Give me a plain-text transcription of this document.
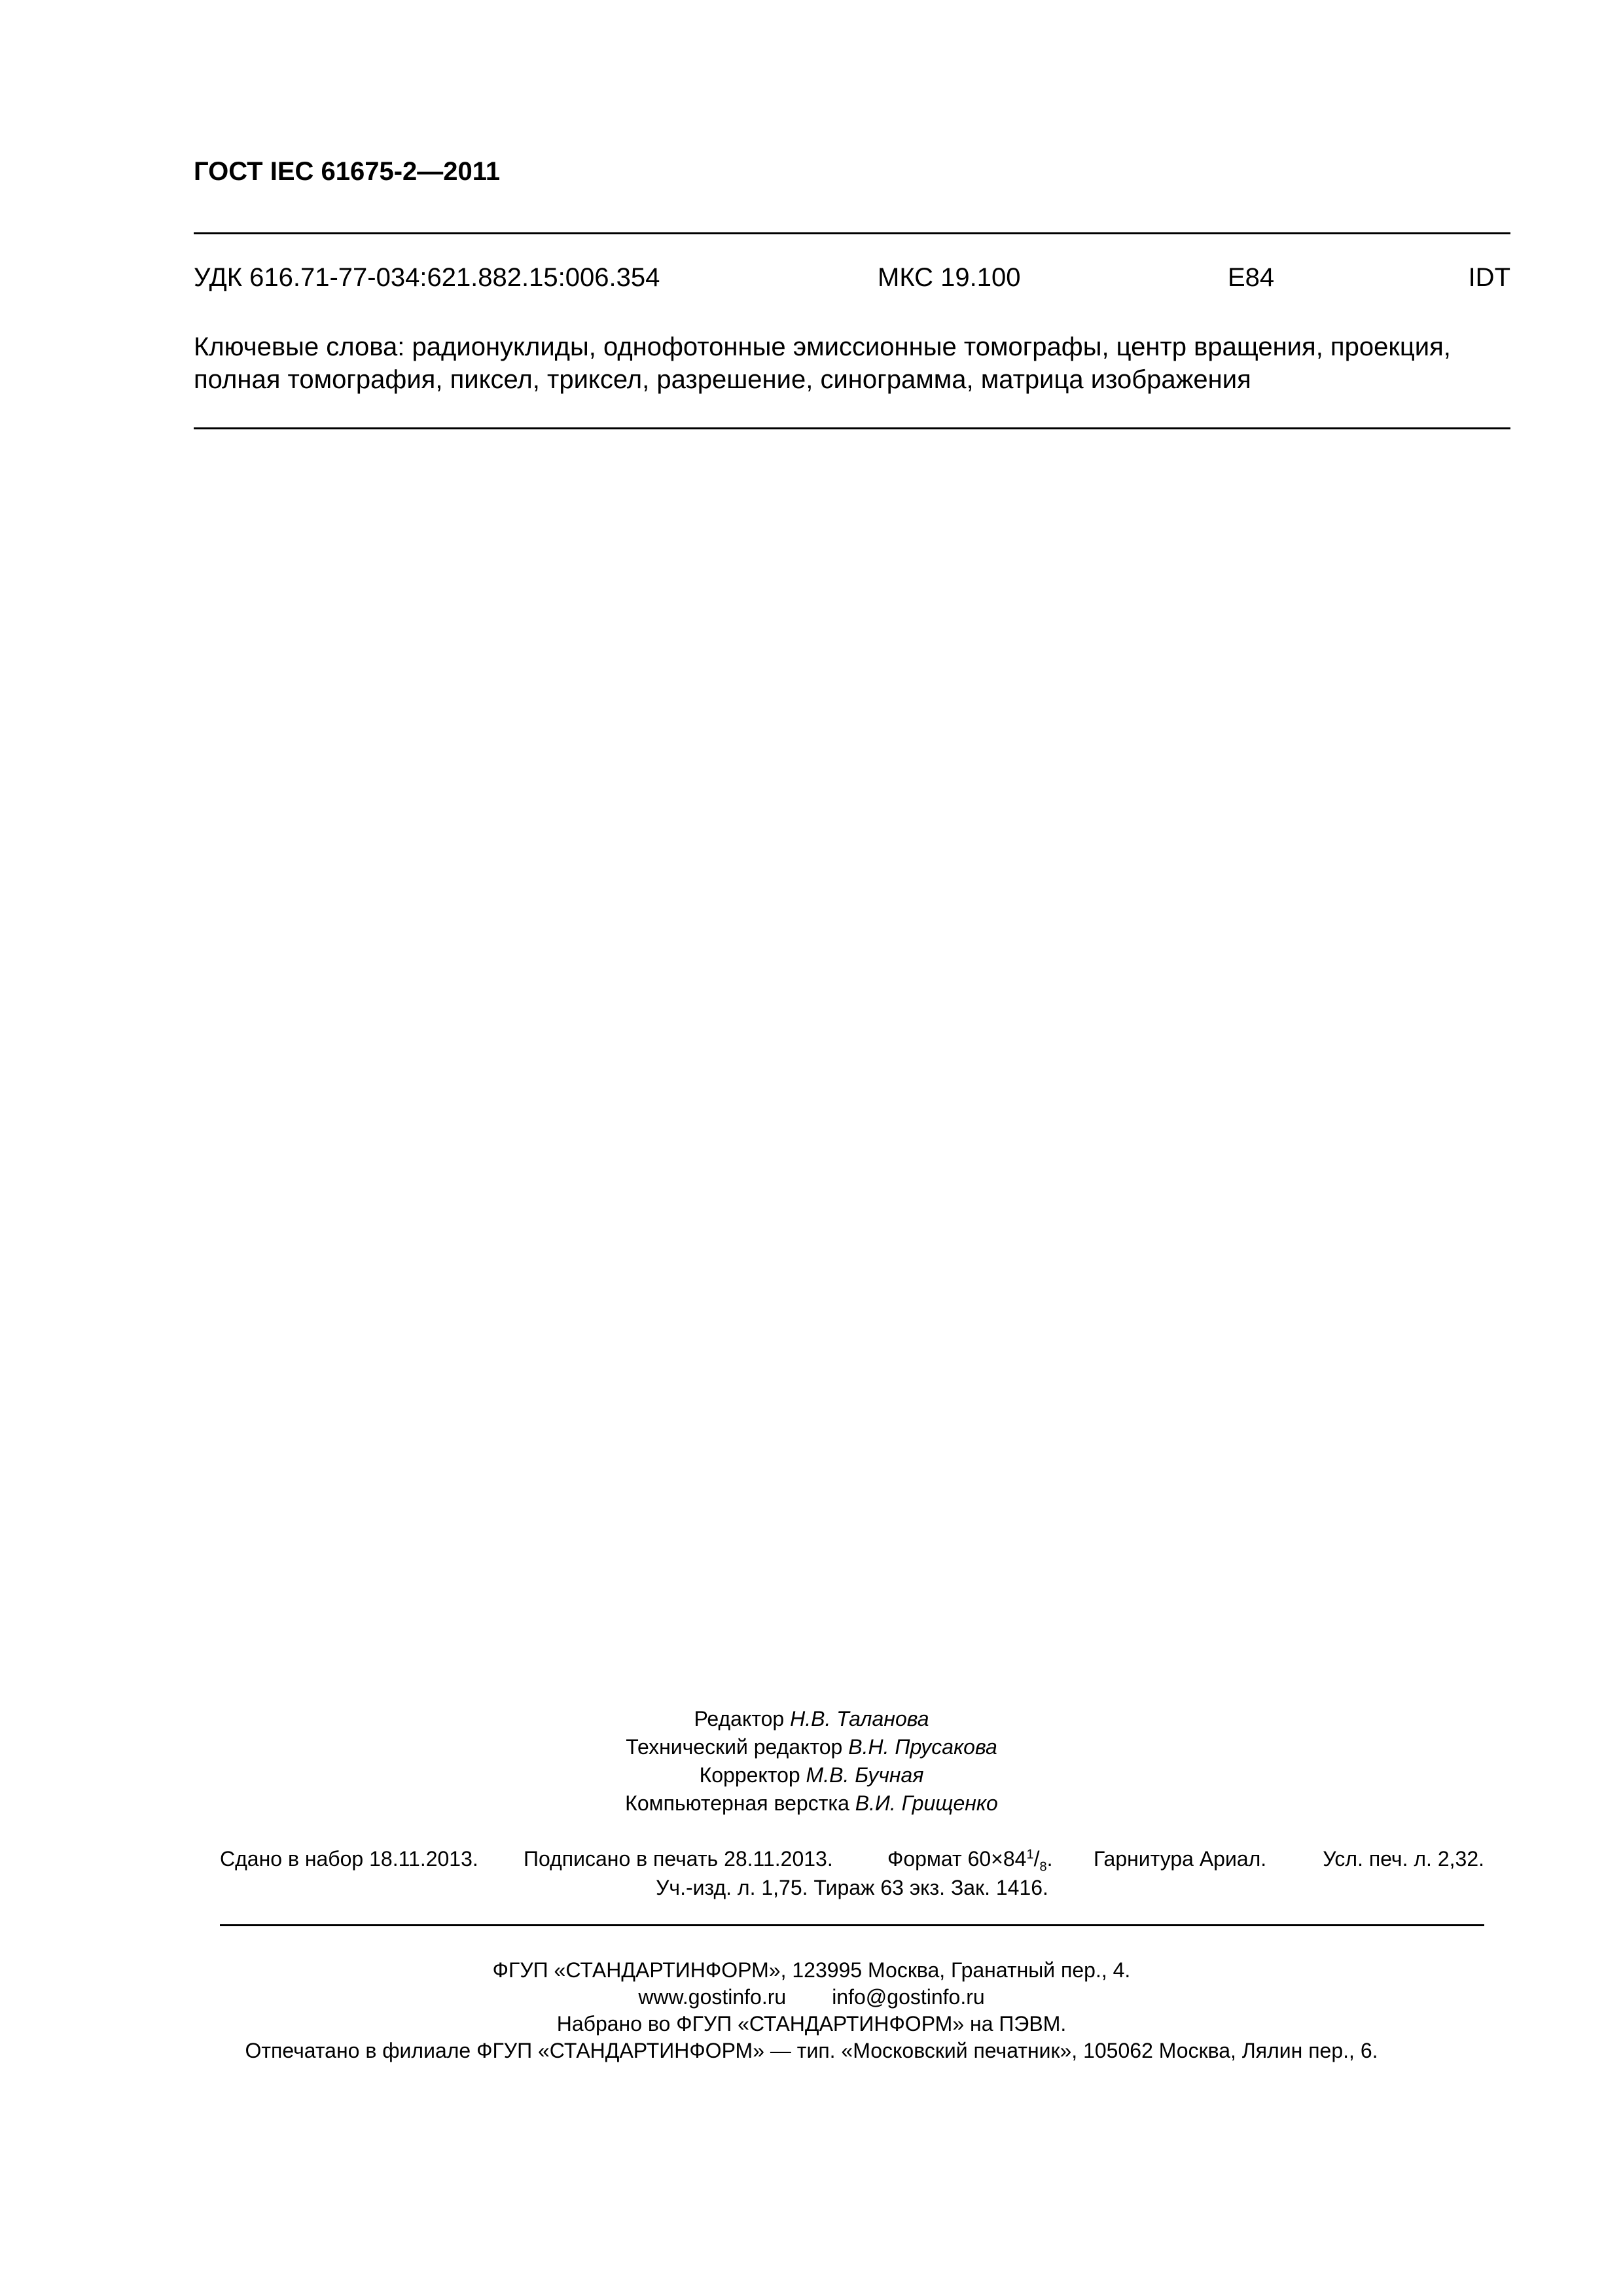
ГОСТ IEC 61675-2—2011
УДК 616.71-77-034:621.882.15:006.354	МКС 19.100	Е84	IDT
Ключевые слова: радионуклиды, однофотонные эмиссионные томографы, центр вращения, проекция, полная томография, пиксел, триксел, разрешение, синограмма, матрица изображения
Редактор Н.В. Таланова
Технический редактор В.Н. Прусакова
Корректор М.В. Бучная
Компьютерная верстка В.И. Грищенко
Сдано в набор 18.11.2013. Подписано в печать 28.11.2013.	Формат $60\times 84^1/_8$. Гарнитура Ариал.	Усл. печ. л. 2,32.
Уч.-изд. л. 1,75. Тираж 63 экз. Зак. 1416.
ФГУП «СТАНДАРТИНФОРМ», 123995 Москва, Гранатный пер., 4.
www.gostinfo.ru info@gostinfo.ru
Набрано во ФГУП «СТАНДАРТИНФОРМ» на ПЭВМ.
Отпечатано в филиале ФГУП «СТАНДАРТИНФОРМ» — тип. «Московский печатник», 105062 Москва, Лялин пер., 6.
